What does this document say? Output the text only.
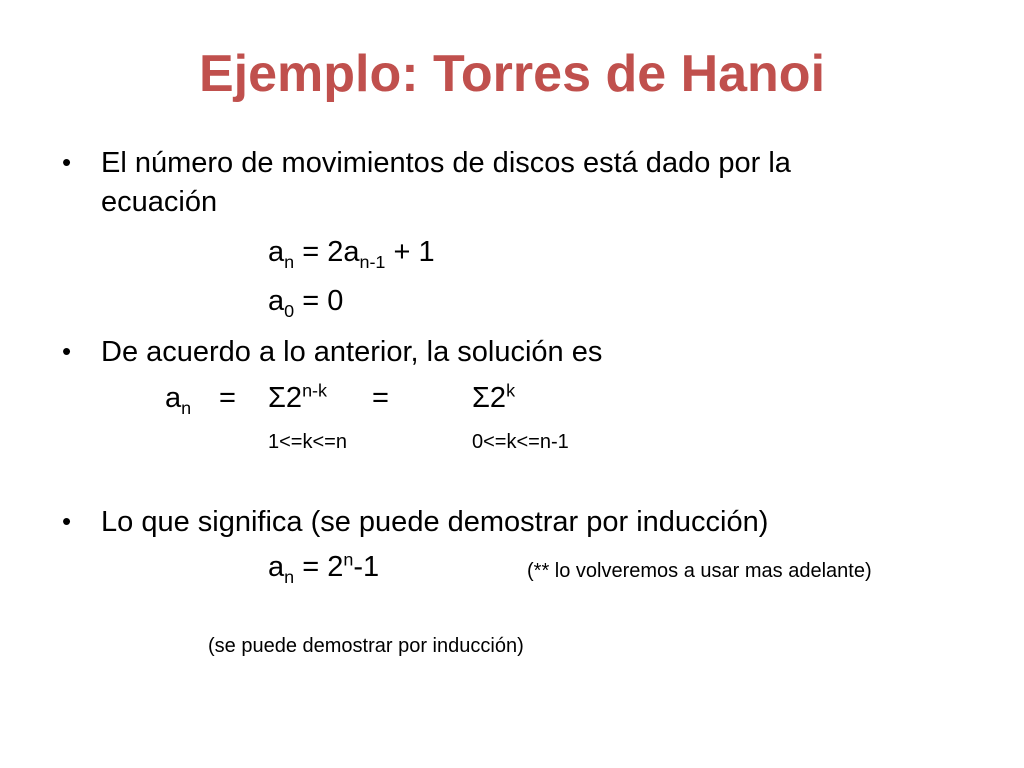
Ejemplo: Torres de Hanoi
• El número de movimientos de discos está dado por la ecuación
$a_n = 2a_{n-1} + 1$
$a_0 = 0$
• De acuerdo a lo anterior, la solución es
$a_n = \Sigma 2^{n-k}$ =	$\Sigma 2^k$
1<=k<=n	0<=k<=n-1
• Lo que significa (se puede demostrar por inducción)
$a_n = 2^n-1$	(** lo volveremos a usar mas adelante)
(se puede demostrar por inducción)
